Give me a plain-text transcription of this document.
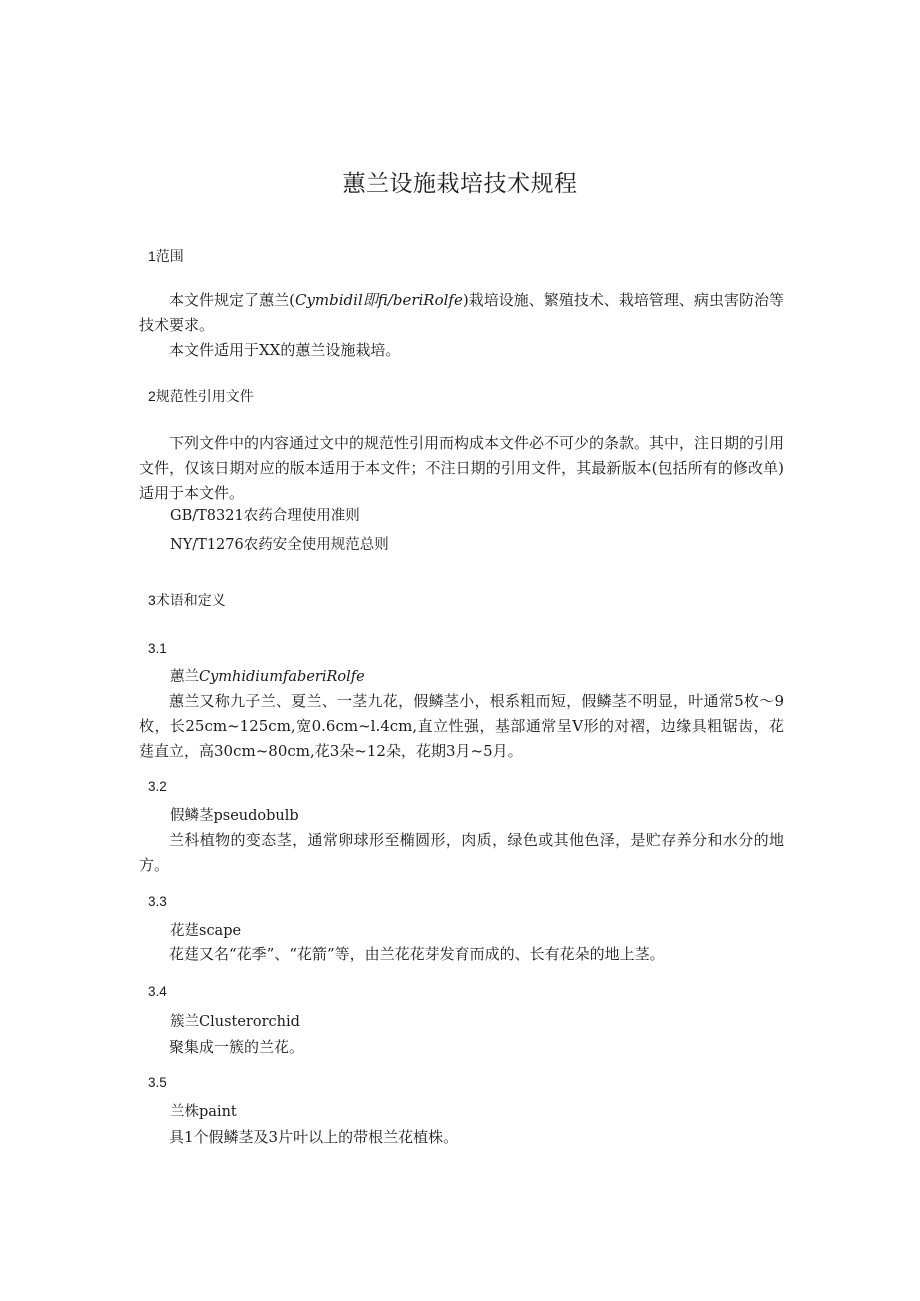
蕙兰设施栽培技术规程
1范围
本文件规定了蕙兰(Cymbidil即fi/beriRolfe)栽培设施、繁殖技术、栽培管理、病虫害防治等技术要求。
本文件适用于XX的蕙兰设施栽培。
2规范性引用文件
下列文件中的内容通过文中的规范性引用而构成本文件必不可少的条款。其中，注日期的引用文件，仅该日期对应的版本适用于本文件；不注日期的引用文件，其最新版本(包括所有的修改单)适用于本文件。
GB/T8321农药合理使用准则
NY/T1276农药安全使用规范总则
3术语和定义
3.1
蕙兰CymhidiumfaberiRolfe
蕙兰又称九子兰、夏兰、一茎九花，假鳞茎小，根系粗而短，假鳞茎不明显，叶通常5枚～9枚，长25cm~125cm,宽0.6cm~l.4cm,直立性强，基部通常呈V形的对褶，边缘具粗锯齿，花莛直立，高30cm~80cm,花3朵~12朵，花期3月~5月。
3.2
假鳞茎pseudobulb
兰科植物的变态茎，通常卵球形至椭圆形，肉质，绿色或其他色泽，是贮存养分和水分的地方。
3.3
花莛scape
花莛又名“花季”、“花箭”等，由兰花花芽发育而成的、长有花朵的地上茎。
3.4
簇兰Clusterorchid
聚集成一簇的兰花。
3.5
兰株paint
具1个假鳞茎及3片叶以上的带根兰花植株。
